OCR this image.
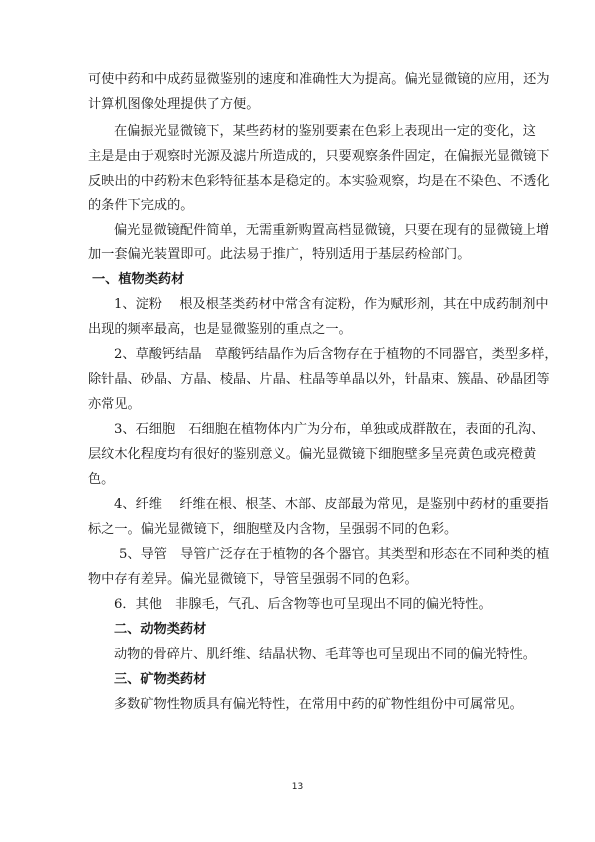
可使中药和中成药显微鉴别的速度和准确性大为提高。偏光显微镜的应用，还为

计算机图像处理提供了方便。

在偏振光显微镜下，某些药材的鉴别要素在色彩上表现出一定的变化，这

主是是由于观察时光源及滤片所造成的，只要观察条件固定，在偏振光显微镜下

反映出的中药粉末色彩特征基本是稳定的。本实验观察，均是在不染色、不透化

的条件下完成的。

偏光显微镜配件简单，无需重新购置高档显微镜，只要在现有的显微镜上增

加一套偏光装置即可。此法易于推广，特别适用于基层药检部门。

一、植物类药材

1、淀粉　 根及根茎类药材中常含有淀粉，作为赋形剂，其在中成药制剂中

出现的频率最高，也是显微鉴别的重点之一。

2、草酸钙结晶　草酸钙结晶作为后含物存在于植物的不同器官，类型多样，

除针晶、砂晶、方晶、棱晶、片晶、柱晶等单晶以外，针晶束、簇晶、砂晶团等

亦常见。

3、石细胞　石细胞在植物体内广为分布，单独或成群散在，表面的孔沟、

层纹木化程度均有很好的鉴别意义。偏光显微镜下细胞壁多呈亮黄色或亮橙黄

色。

4、纤维　 纤维在根、根茎、木部、皮部最为常见，是鉴别中药材的重要指

标之一。偏光显微镜下，细胞壁及内含物，呈强弱不同的色彩。

5、导管　导管广泛存在于植物的各个器官。其类型和形态在不同种类的植

物中存有差异。偏光显微镜下，导管呈强弱不同的色彩。

6．其他　非腺毛，气孔、后含物等也可呈现出不同的偏光特性。

二、动物类药材

动物的骨碎片、肌纤维、结晶状物、毛茸等也可呈现出不同的偏光特性。

三、矿物类药材

多数矿物性物质具有偏光特性，在常用中药的矿物性组份中可属常见。

13
